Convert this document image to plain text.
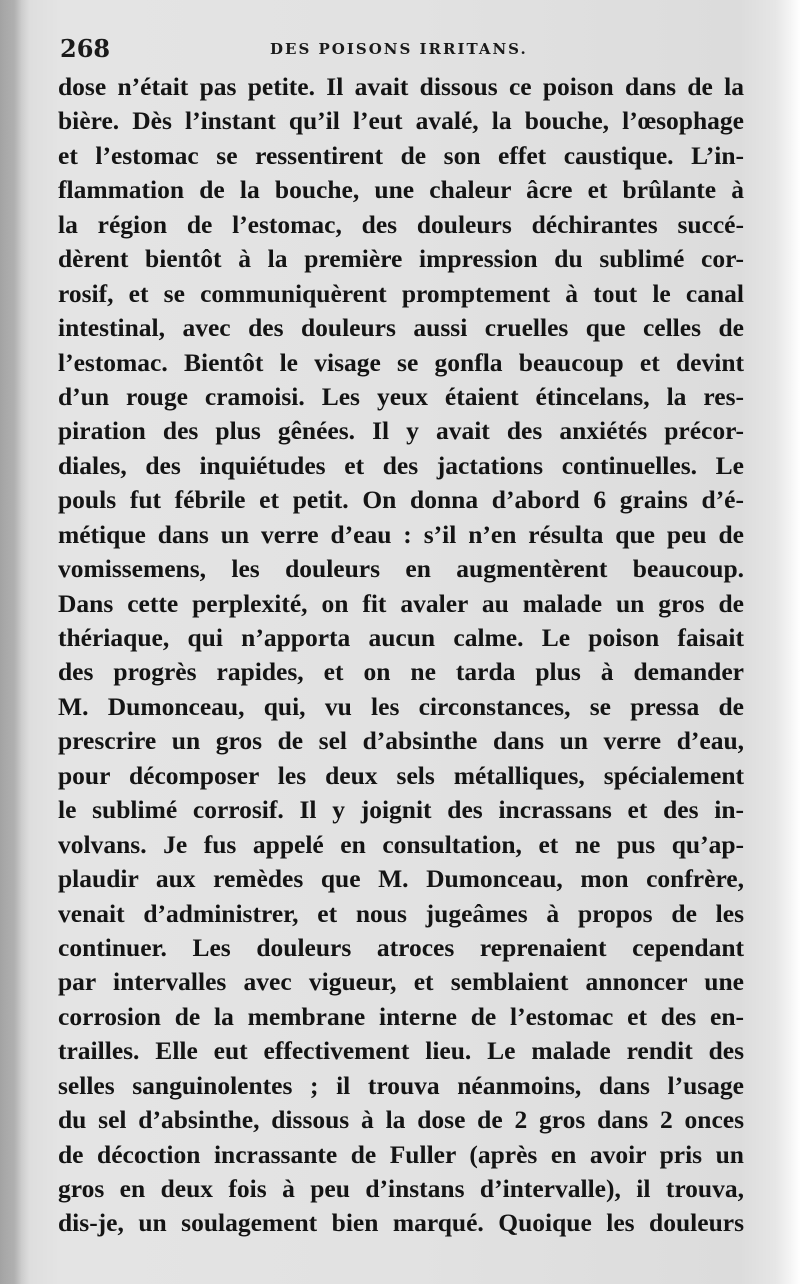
268	DES POISONS IRRITANS.
dose n’était pas petite. Il avait dissous ce poison dans de la
bière. Dès l’instant qu’il l’eut avalé, la bouche, l’œsophage
et l’estomac se ressentirent de son effet caustique. L’in-
flammation de la bouche, une chaleur âcre et brûlante à
la région de l’estomac, des douleurs déchirantes succé-
dèrent bientôt à la première impression du sublimé cor-
rosif, et se communiquèrent promptement à tout le canal
intestinal, avec des douleurs aussi cruelles que celles de
l’estomac. Bientôt le visage se gonfla beaucoup et devint
d’un rouge cramoisi. Les yeux étaient étincelans, la res-
piration des plus gênées. Il y avait des anxiétés précor-
diales, des inquiétudes et des jactations continuelles. Le
pouls fut fébrile et petit. On donna d’abord 6 grains d’é-
métique dans un verre d’eau : s’il n’en résulta que peu de
vomissemens, les douleurs en augmentèrent beaucoup.
Dans cette perplexité, on fit avaler au malade un gros de
thériaque, qui n’apporta aucun calme. Le poison faisait
des progrès rapides, et on ne tarda plus à demander
M. Dumonceau, qui, vu les circonstances, se pressa de
prescrire un gros de sel d’absinthe dans un verre d’eau,
pour décomposer les deux sels métalliques, spécialement
le sublimé corrosif. Il y joignit des incrassans et des in-
volvans. Je fus appelé en consultation, et ne pus qu’ap-
plaudir aux remèdes que M. Dumonceau, mon confrère,
venait d’administrer, et nous jugeâmes à propos de les
continuer. Les douleurs atroces reprenaient cependant
par intervalles avec vigueur, et semblaient annoncer une
corrosion de la membrane interne de l’estomac et des en-
trailles. Elle eut effectivement lieu. Le malade rendit des
selles sanguinolentes ; il trouva néanmoins, dans l’usage
du sel d’absinthe, dissous à la dose de 2 gros dans 2 onces
de décoction incrassante de Fuller (après en avoir pris un
gros en deux fois à peu d’instans d’intervalle), il trouva,
dis-je, un soulagement bien marqué. Quoique les douleurs
